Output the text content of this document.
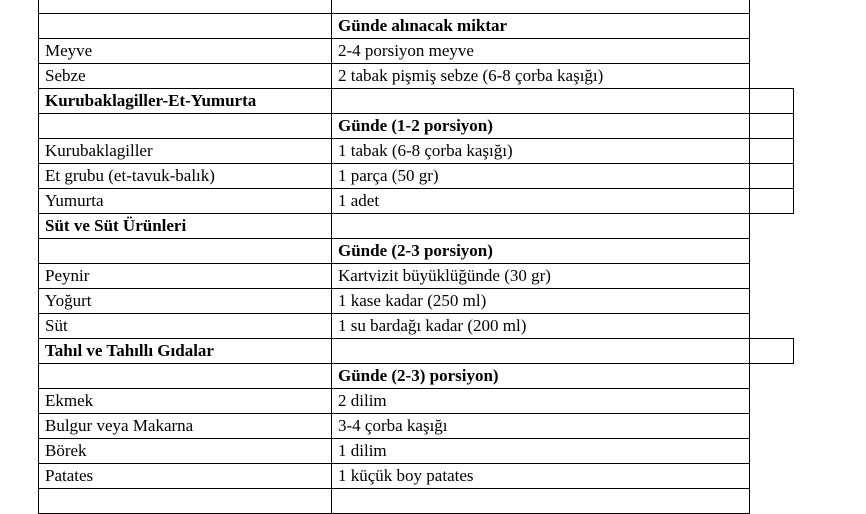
	Günde alınacak miktar	
Meyve	2-4 porsiyon meyve	
Sebze	2 tabak pişmiş sebze (6-8 çorba kaşığı)	
Kurubaklagiller-Et-Yumurta		
	Günde (1-2 porsiyon)	
Kurubaklagiller	1 tabak (6-8 çorba kaşığı)	
Et grubu (et-tavuk-balık)	1 parça (50 gr)	
Yumurta	1 adet	
Süt ve Süt Ürünleri		
	Günde (2-3 porsiyon)	
Peynir	Kartvizit büyüklüğünde (30 gr)	
Yoğurt	1 kase kadar (250 ml)	
Süt	1 su bardağı kadar (200 ml)	
Tahıl ve Tahıllı Gıdalar		
	Günde (2-3) porsiyon)	
Ekmek	2 dilim	
Bulgur veya Makarna	3-4 çorba kaşığı	
Börek	1 dilim	
Patates	1 küçük boy patates	
